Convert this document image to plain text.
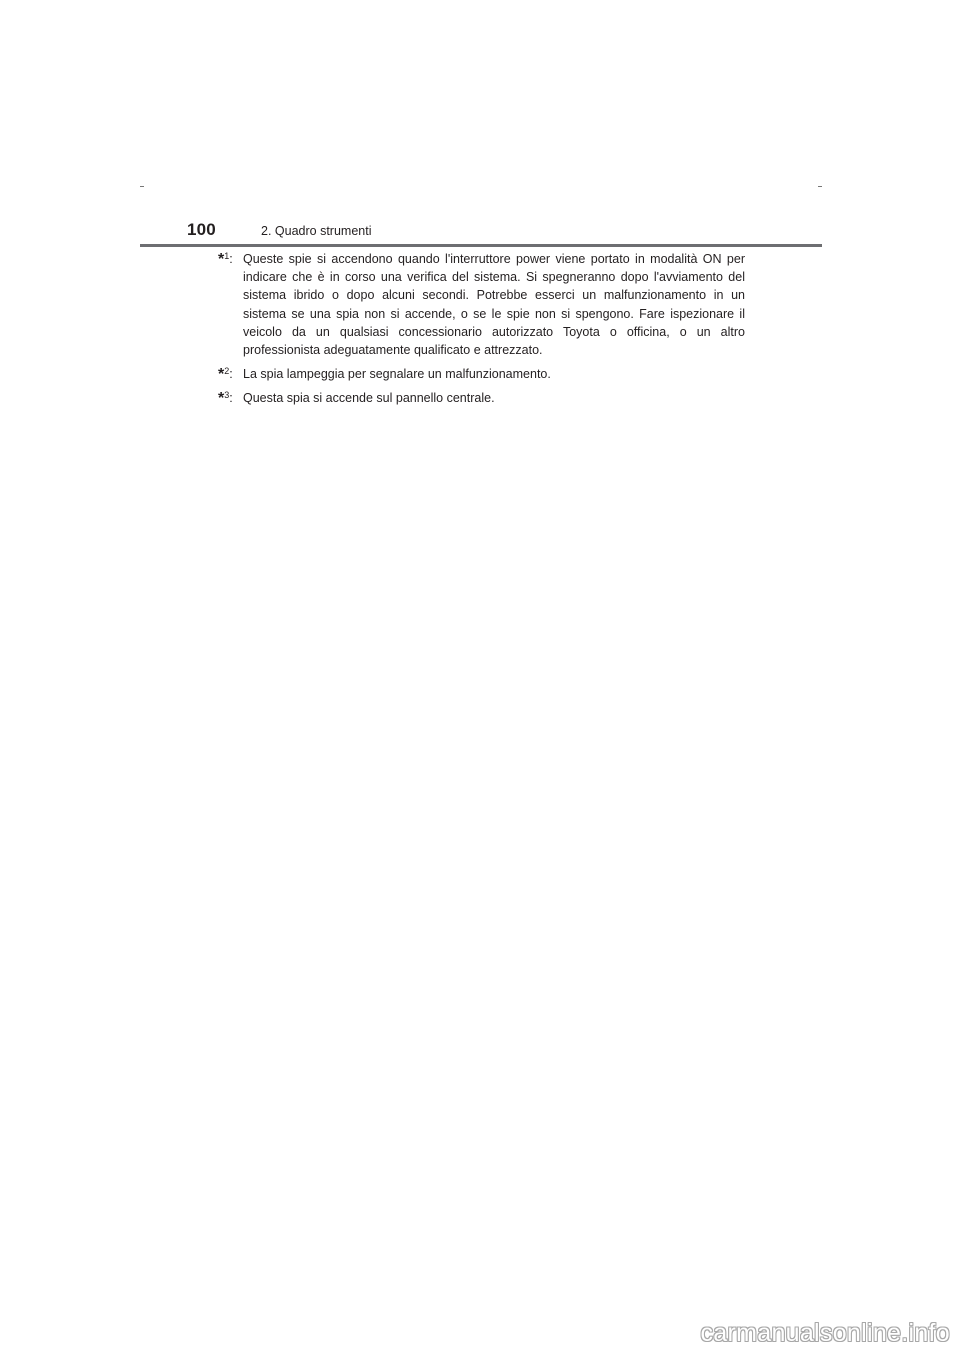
100	2. Quadro strumenti
*$^1$: Queste spie si accendono quando l'interruttore power viene portato in modalità ON per indicare che è in corso una verifica del sistema. Si spegneranno dopo l'avviamento del sistema ibrido o dopo alcuni secondi. Potrebbe esserci un malfunzionamento in un sistema se una spia non si accende, o se le spie non si spengono. Fare ispezionare il veicolo da un qualsiasi concessionario autorizzato Toyota o officina, o un altro professionista adeguatamente qualificato e attrezzato.
*$^2$: La spia lampeggia per segnalare un malfunzionamento.
*$^3$: Questa spia si accende sul pannello centrale.
carmanualsonline.info
